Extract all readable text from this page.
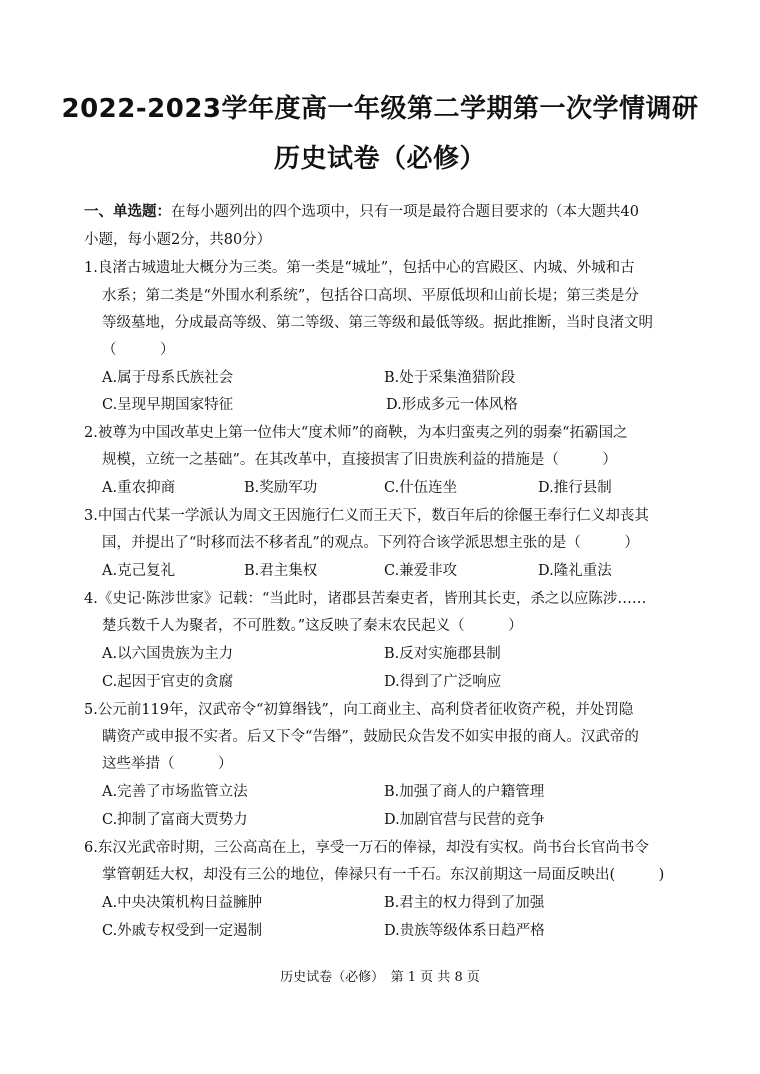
2022-2023学年度高一年级第二学期第一次学情调研
历史试卷（必修）
一、单选题：在每小题列出的四个选项中，只有一项是最符合题目要求的（本大题共40
小题，每小题2分，共80分）
1.良渚古城遗址大概分为三类。第一类是“城址”，包括中心的宫殿区、内城、外城和古
水系；第二类是“外围水利系统”，包括谷口高坝、平原低坝和山前长堤；第三类是分
等级墓地，分成最高等级、第二等级、第三等级和最低等级。据此推断，当时良渚文明
（　　　）
A.属于母系氏族社会	B.处于采集渔猎阶段
C.呈现早期国家特征	D.形成多元一体风格
2.被尊为中国改革史上第一位伟大“度术师”的商鞅，为本归蛮夷之列的弱秦“拓霸国之
规模，立统一之基础”。在其改革中，直接损害了旧贵族利益的措施是（　　　）
A.重农抑商	B.奖励军功	C.什伍连坐	D.推行县制
3.中国古代某一学派认为周文王因施行仁义而王天下，数百年后的徐偃王奉行仁义却丧其
国，并提出了“时移而法不移者乱”的观点。下列符合该学派思想主张的是（　　　）
A.克己复礼	B.君主集权	C.兼爱非攻	D.隆礼重法
4.《史记·陈涉世家》记载：“当此时，诸郡县苦秦吏者，皆刑其长吏，杀之以应陈涉……
楚兵数千人为聚者，不可胜数。”这反映了秦末农民起义（　　　）
A.以六国贵族为主力	B.反对实施郡县制
C.起因于官吏的贪腐	D.得到了广泛响应
5.公元前119年，汉武帝令“初算缗钱”，向工商业主、高利贷者征收资产税，并处罚隐
瞒资产或申报不实者。后又下令“告缗”，鼓励民众告发不如实申报的商人。汉武帝的
这些举措（　　　）
A.完善了市场监管立法	B.加强了商人的户籍管理
C.抑制了富商大贾势力	D.加剧官营与民营的竞争
6.东汉光武帝时期，三公高高在上，享受一万石的俸禄，却没有实权。尚书台长官尚书令
掌管朝廷大权，却没有三公的地位，俸禄只有一千石。东汉前期这一局面反映出(　　　)
A.中央决策机构日益臃肿	B.君主的权力得到了加强
C.外戚专权受到一定遏制	D.贵族等级体系日趋严格
历史试卷（必修）　第 1 页 共 8 页
